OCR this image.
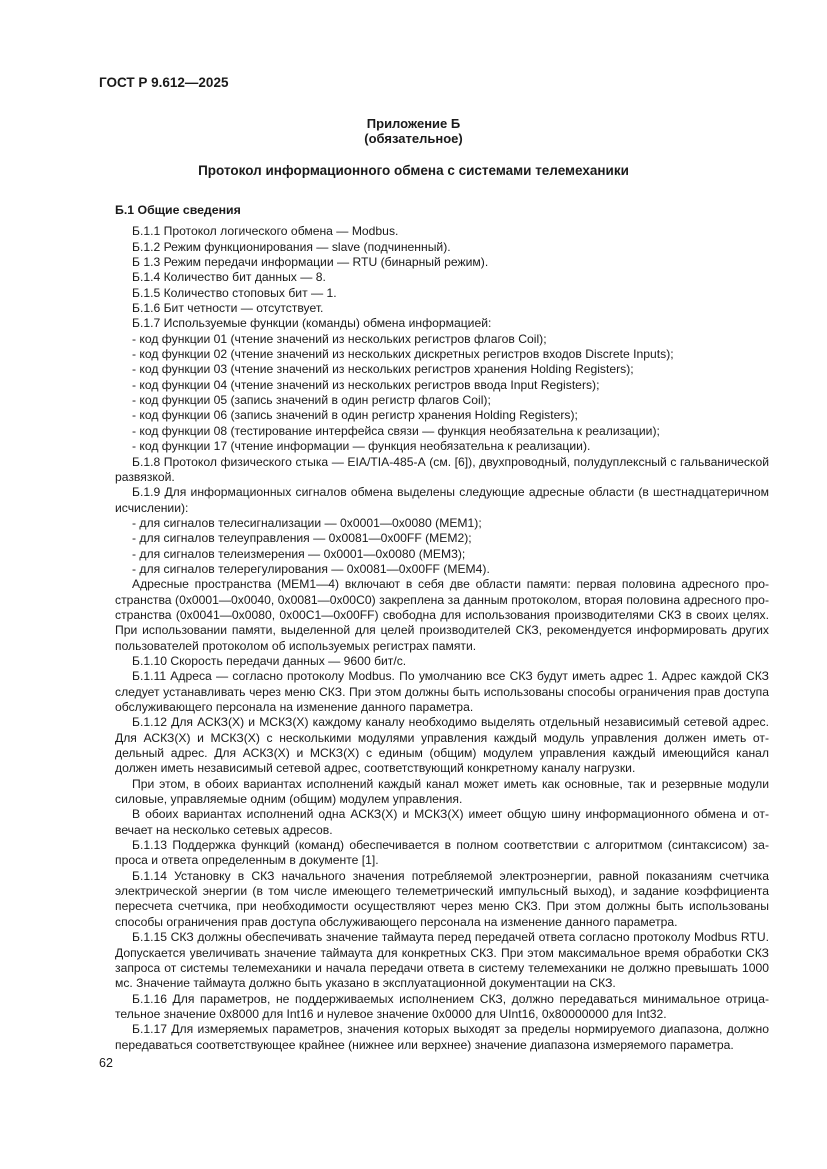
ГОСТ Р 9.612—2025
Приложение Б
(обязательное)
Протокол информационного обмена с системами телемеханики

Б.1 Общие сведения

Б.1.1 Протокол логического обмена — Modbus.

Б.1.2 Режим функционирования — slave (подчиненный).

Б 1.3 Режим передачи информации — RTU (бинарный режим).

Б.1.4 Количество бит данных — 8.

Б.1.5 Количество стоповых бит — 1.

Б.1.6 Бит четности — отсутствует.

Б.1.7 Используемые функции (команды) обмена информацией:

- код функции 01 (чтение значений из нескольких регистров флагов Coil);

- код функции 02 (чтение значений из нескольких дискретных регистров входов Discrete Inputs);

- код функции 03 (чтение значений из нескольких регистров хранения Holding Registers);

- код функции 04 (чтение значений из нескольких регистров ввода Input Registers);

- код функции 05 (запись значений в один регистр флагов Coil);

- код функции 06 (запись значений в один регистр хранения Holding Registers);

- код функции 08 (тестирование интерфейса связи — функция необязательна к реализации);

- код функции 17 (чтение информации — функция необязательна к реализации).

Б.1.8 Протокол физического стыка — EIA/TIA-485-А (см. [6]), двухпроводный, полудуплексный с гальванической развязкой.

Б.1.9 Для информационных сигналов обмена выделены следующие адресные области (в шестнадцатеричном исчислении):

- для сигналов телесигнализации — 0x0001—0x0080 (МЕМ1);

- для сигналов телеуправления — 0x0081—0x00FF (МЕМ2);

- для сигналов телеизмерения — 0x0001—0x0080 (МЕМ3);

- для сигналов телерегулирования — 0x0081—0x00FF (МЕМ4).

Адресные пространства (МЕМ1—4) включают в себя две области памяти: первая половина адресного пространства (0x0001—0x0040, 0x0081—0x00C0) закреплена за данным протоколом, вторая половина адресного пространства (0x0041—0x0080, 0x00C1—0x00FF) свободна для использования производителями СКЗ в своих целях. При использовании памяти, выделенной для целей производителей СКЗ, рекомендуется информировать других пользователей протоколом об используемых регистрах памяти.

Б.1.10 Скорость передачи данных — 9600 бит/с.

Б.1.11 Адреса — согласно протоколу Modbus. По умолчанию все СКЗ будут иметь адрес 1. Адрес каждой СКЗ следует устанавливать через меню СКЗ. При этом должны быть использованы способы ограничения прав доступа обслуживающего персонала на изменение данного параметра.

Б.1.12 Для АСКЗ(Х) и МСКЗ(Х) каждому каналу необходимо выделять отдельный независимый сетевой адрес. Для АСКЗ(Х) и МСКЗ(Х) с несколькими модулями управления каждый модуль управления должен иметь отдельный адрес. Для АСКЗ(Х) и МСКЗ(Х) с единым (общим) модулем управления каждый имеющийся канал должен иметь независимый сетевой адрес, соответствующий конкретному каналу нагрузки.

При этом, в обоих вариантах исполнений каждый канал может иметь как основные, так и резервные модули силовые, управляемые одним (общим) модулем управления.

В обоих вариантах исполнений одна АСКЗ(Х) и МСКЗ(Х) имеет общую шину информационного обмена и отвечает на несколько сетевых адресов.

Б.1.13 Поддержка функций (команд) обеспечивается в полном соответствии с алгоритмом (синтаксисом) запроса и ответа определенным в документе [1].

Б.1.14 Установку в СКЗ начального значения потребляемой электроэнергии, равной показаниям счетчика электрической энергии (в том числе имеющего телеметрический импульсный выход), и задание коэффициента пересчета счетчика, при необходимости осуществляют через меню СКЗ. При этом должны быть использованы способы ограничения прав доступа обслуживающего персонала на изменение данного параметра.

Б.1.15 СКЗ должны обеспечивать значение таймаута перед передачей ответа согласно протоколу Modbus RTU. Допускается увеличивать значение таймаута для конкретных СКЗ. При этом максимальное время обработки СКЗ запроса от системы телемеханики и начала передачи ответа в систему телемеханики не должно превышать 1000 мс. Значение таймаута должно быть указано в эксплуатационной документации на СКЗ.

Б.1.16 Для параметров, не поддерживаемых исполнением СКЗ, должно передаваться минимальное отрицательное значение 0x8000 для Int16 и нулевое значение 0x0000 для UInt16, 0x80000000 для Int32.

Б.1.17 Для измеряемых параметров, значения которых выходят за пределы нормируемого диапазона, должно передаваться соответствующее крайнее (нижнее или верхнее) значение диапазона измеряемого параметра.

62
